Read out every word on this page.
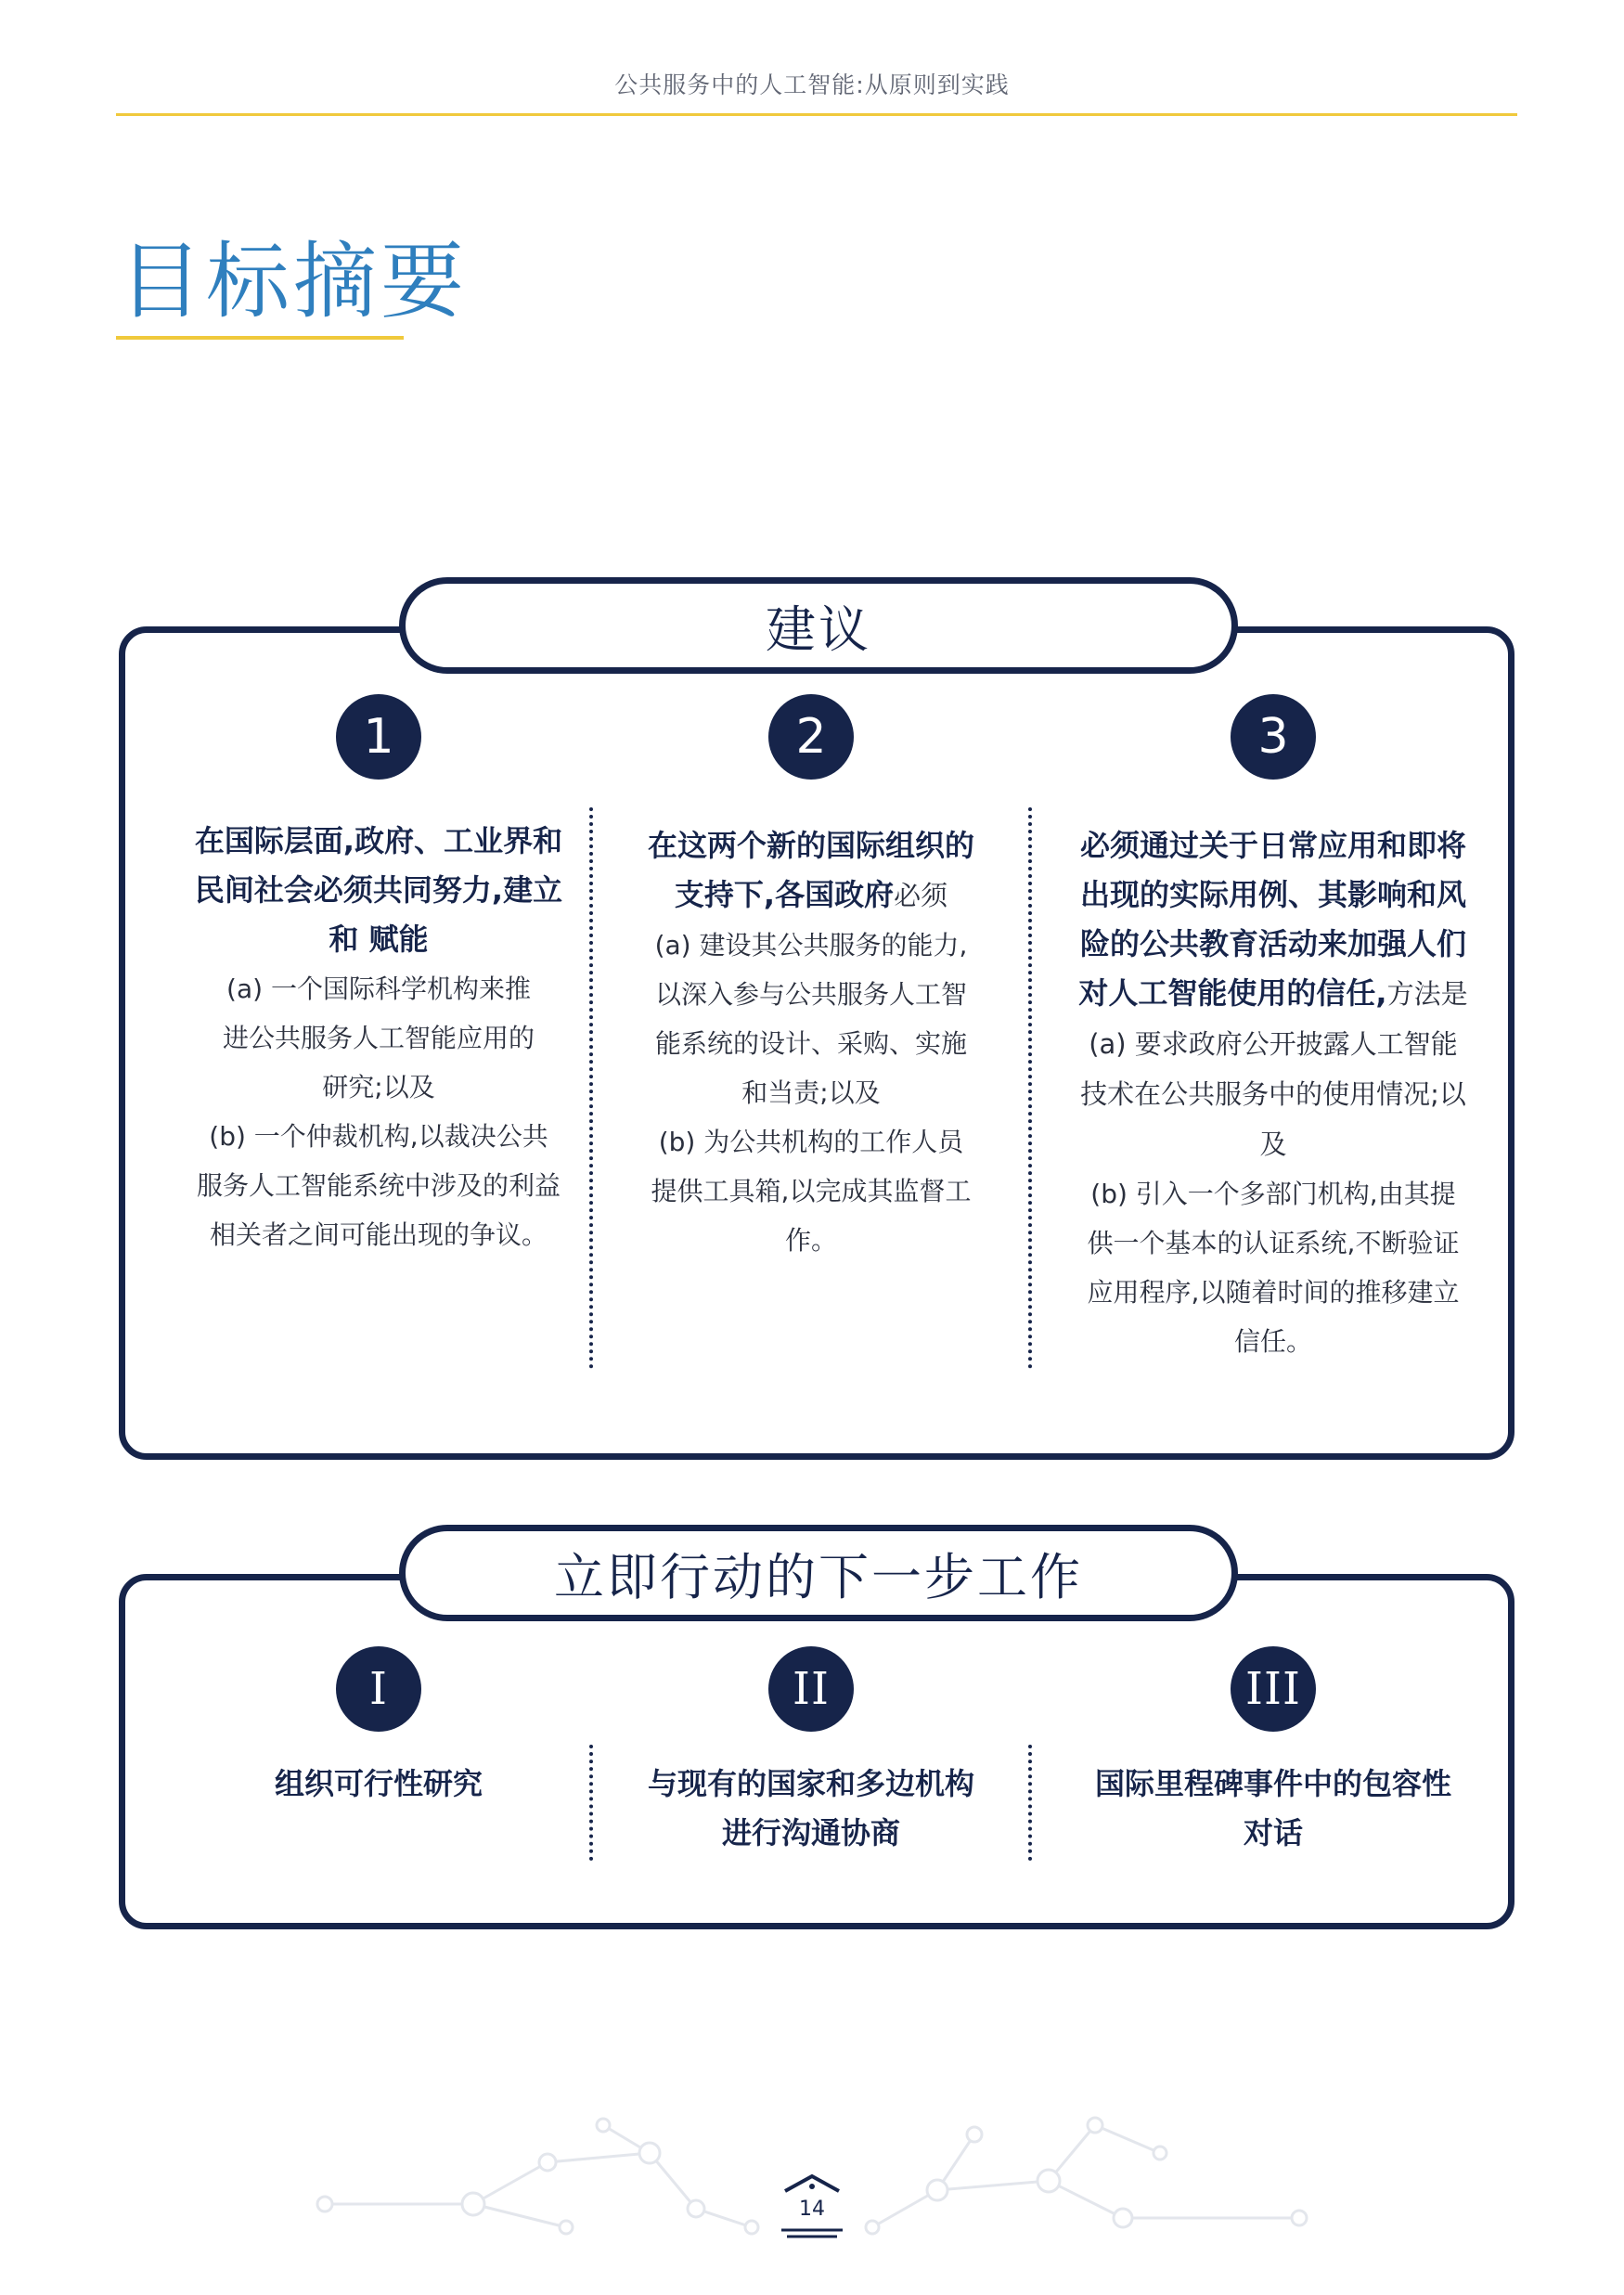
公共服务中的人工智能:从原则到实践
目标摘要
建议
1
在国际层面,政府、工业界和民间社会必须共同努力,建立和 赋能
(a) 一个国际科学机构来推进公共服务人工智能应用的研究;以及
(b) 一个仲裁机构,以裁决公共服务人工智能系统中涉及的利益相关者之间可能出现的争议。
2
在这两个新的国际组织的支持下,各国政府必须
(a) 建设其公共服务的能力,以深入参与公共服务人工智能系统的设计、采购、实施和当责;以及
(b) 为公共机构的工作人员提供工具箱,以完成其监督工作。
3
必须通过关于日常应用和即将出现的实际用例、其影响和风险的公共教育活动来加强人们对人工智能使用的信任,方法是 (a) 要求政府公开披露人工智能技术在公共服务中的使用情况;以及
(b) 引入一个多部门机构,由其提供一个基本的认证系统,不断验证应用程序,以随着时间的推移建立信任。
立即行动的下一步工作
I
组织可行性研究
II
与现有的国家和多边机构进行沟通协商
III
国际里程碑事件中的包容性对话
14
